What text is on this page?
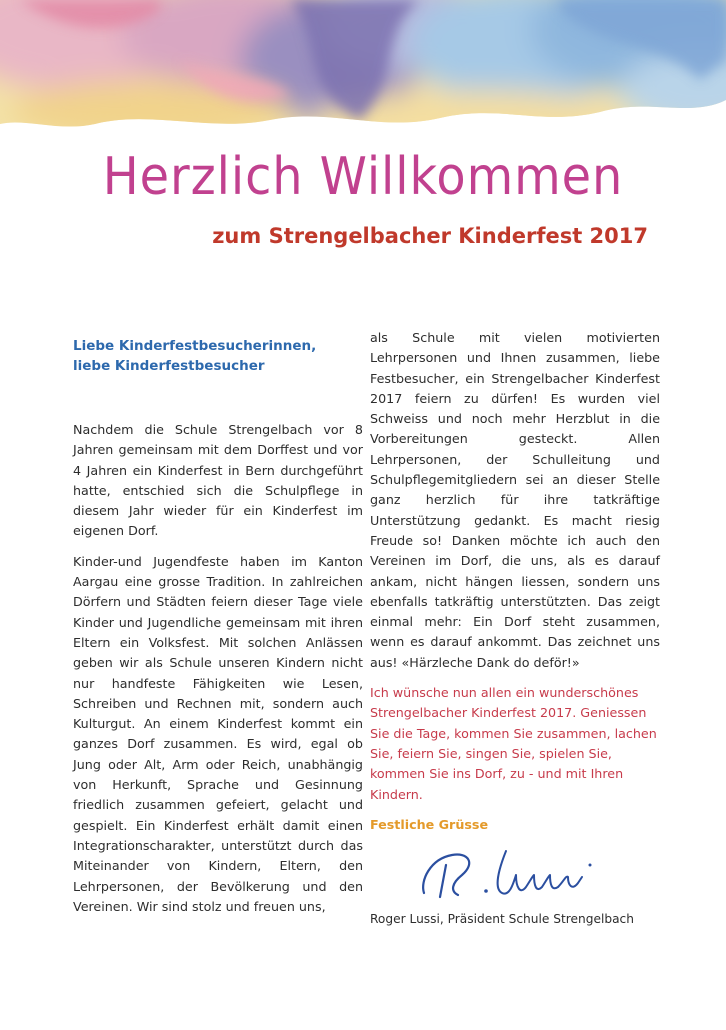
Herzlich Willkommen
zum Strengelbacher Kinderfest 2017

Liebe Kinderfestbesucherinnen,
liebe Kinderfestbesucher

Nachdem die Schule Strengelbach vor 8 Jahren gemeinsam mit dem Dorffest und vor 4 Jahren ein Kinderfest in Bern durchgeführt hatte, entschied sich die Schulpflege in diesem Jahr wieder für ein Kinderfest im eigenen Dorf.

Kinder-und Jugendfeste haben im Kanton Aargau eine grosse Tradition. In zahlreichen Dörfern und Städten feiern dieser Tage viele Kinder und Jugendliche gemeinsam mit ihren Eltern ein Volksfest. Mit solchen Anlässen geben wir als Schule unseren Kindern nicht nur handfeste Fähigkeiten wie Lesen, Schreiben und Rechnen mit, sondern auch Kulturgut. An einem Kinderfest kommt ein ganzes Dorf zusammen. Es wird, egal ob Jung oder Alt, Arm oder Reich, unabhängig von Herkunft, Sprache und Gesinnung friedlich zusammen gefeiert, gelacht und gespielt. Ein Kinderfest erhält damit einen Integrationscharakter, unterstützt durch das Miteinander von Kindern, Eltern, den Lehrpersonen, der Bevölkerung und den Vereinen. Wir sind stolz und freuen uns,

als Schule mit vielen motivierten Lehrpersonen und Ihnen zusammen, liebe Festbesucher, ein Strengelbacher Kinderfest 2017 feiern zu dürfen! Es wurden viel Schweiss und noch mehr Herzblut in die Vorbereitungen gesteckt. Allen Lehrpersonen, der Schulleitung und Schulpflegemitgliedern sei an dieser Stelle ganz herzlich für ihre tatkräftige Unterstützung gedankt. Es macht riesig Freude so! Danken möchte ich auch den Vereinen im Dorf, die uns, als es darauf ankam, nicht hängen liessen, sondern uns ebenfalls tatkräftig unterstützten. Das zeigt einmal mehr: Ein Dorf steht zusammen, wenn es darauf ankommt. Das zeichnet uns aus! «Härzleche Dank do deför!»

Ich wünsche nun allen ein wunderschönes Strengelbacher Kinderfest 2017. Geniessen Sie die Tage, kommen Sie zusammen, lachen Sie, feiern Sie, singen Sie, spielen Sie, kommen Sie ins Dorf, zu - und mit Ihren Kindern.

Festliche Grüsse

Roger Lussi, Präsident Schule Strengelbach
